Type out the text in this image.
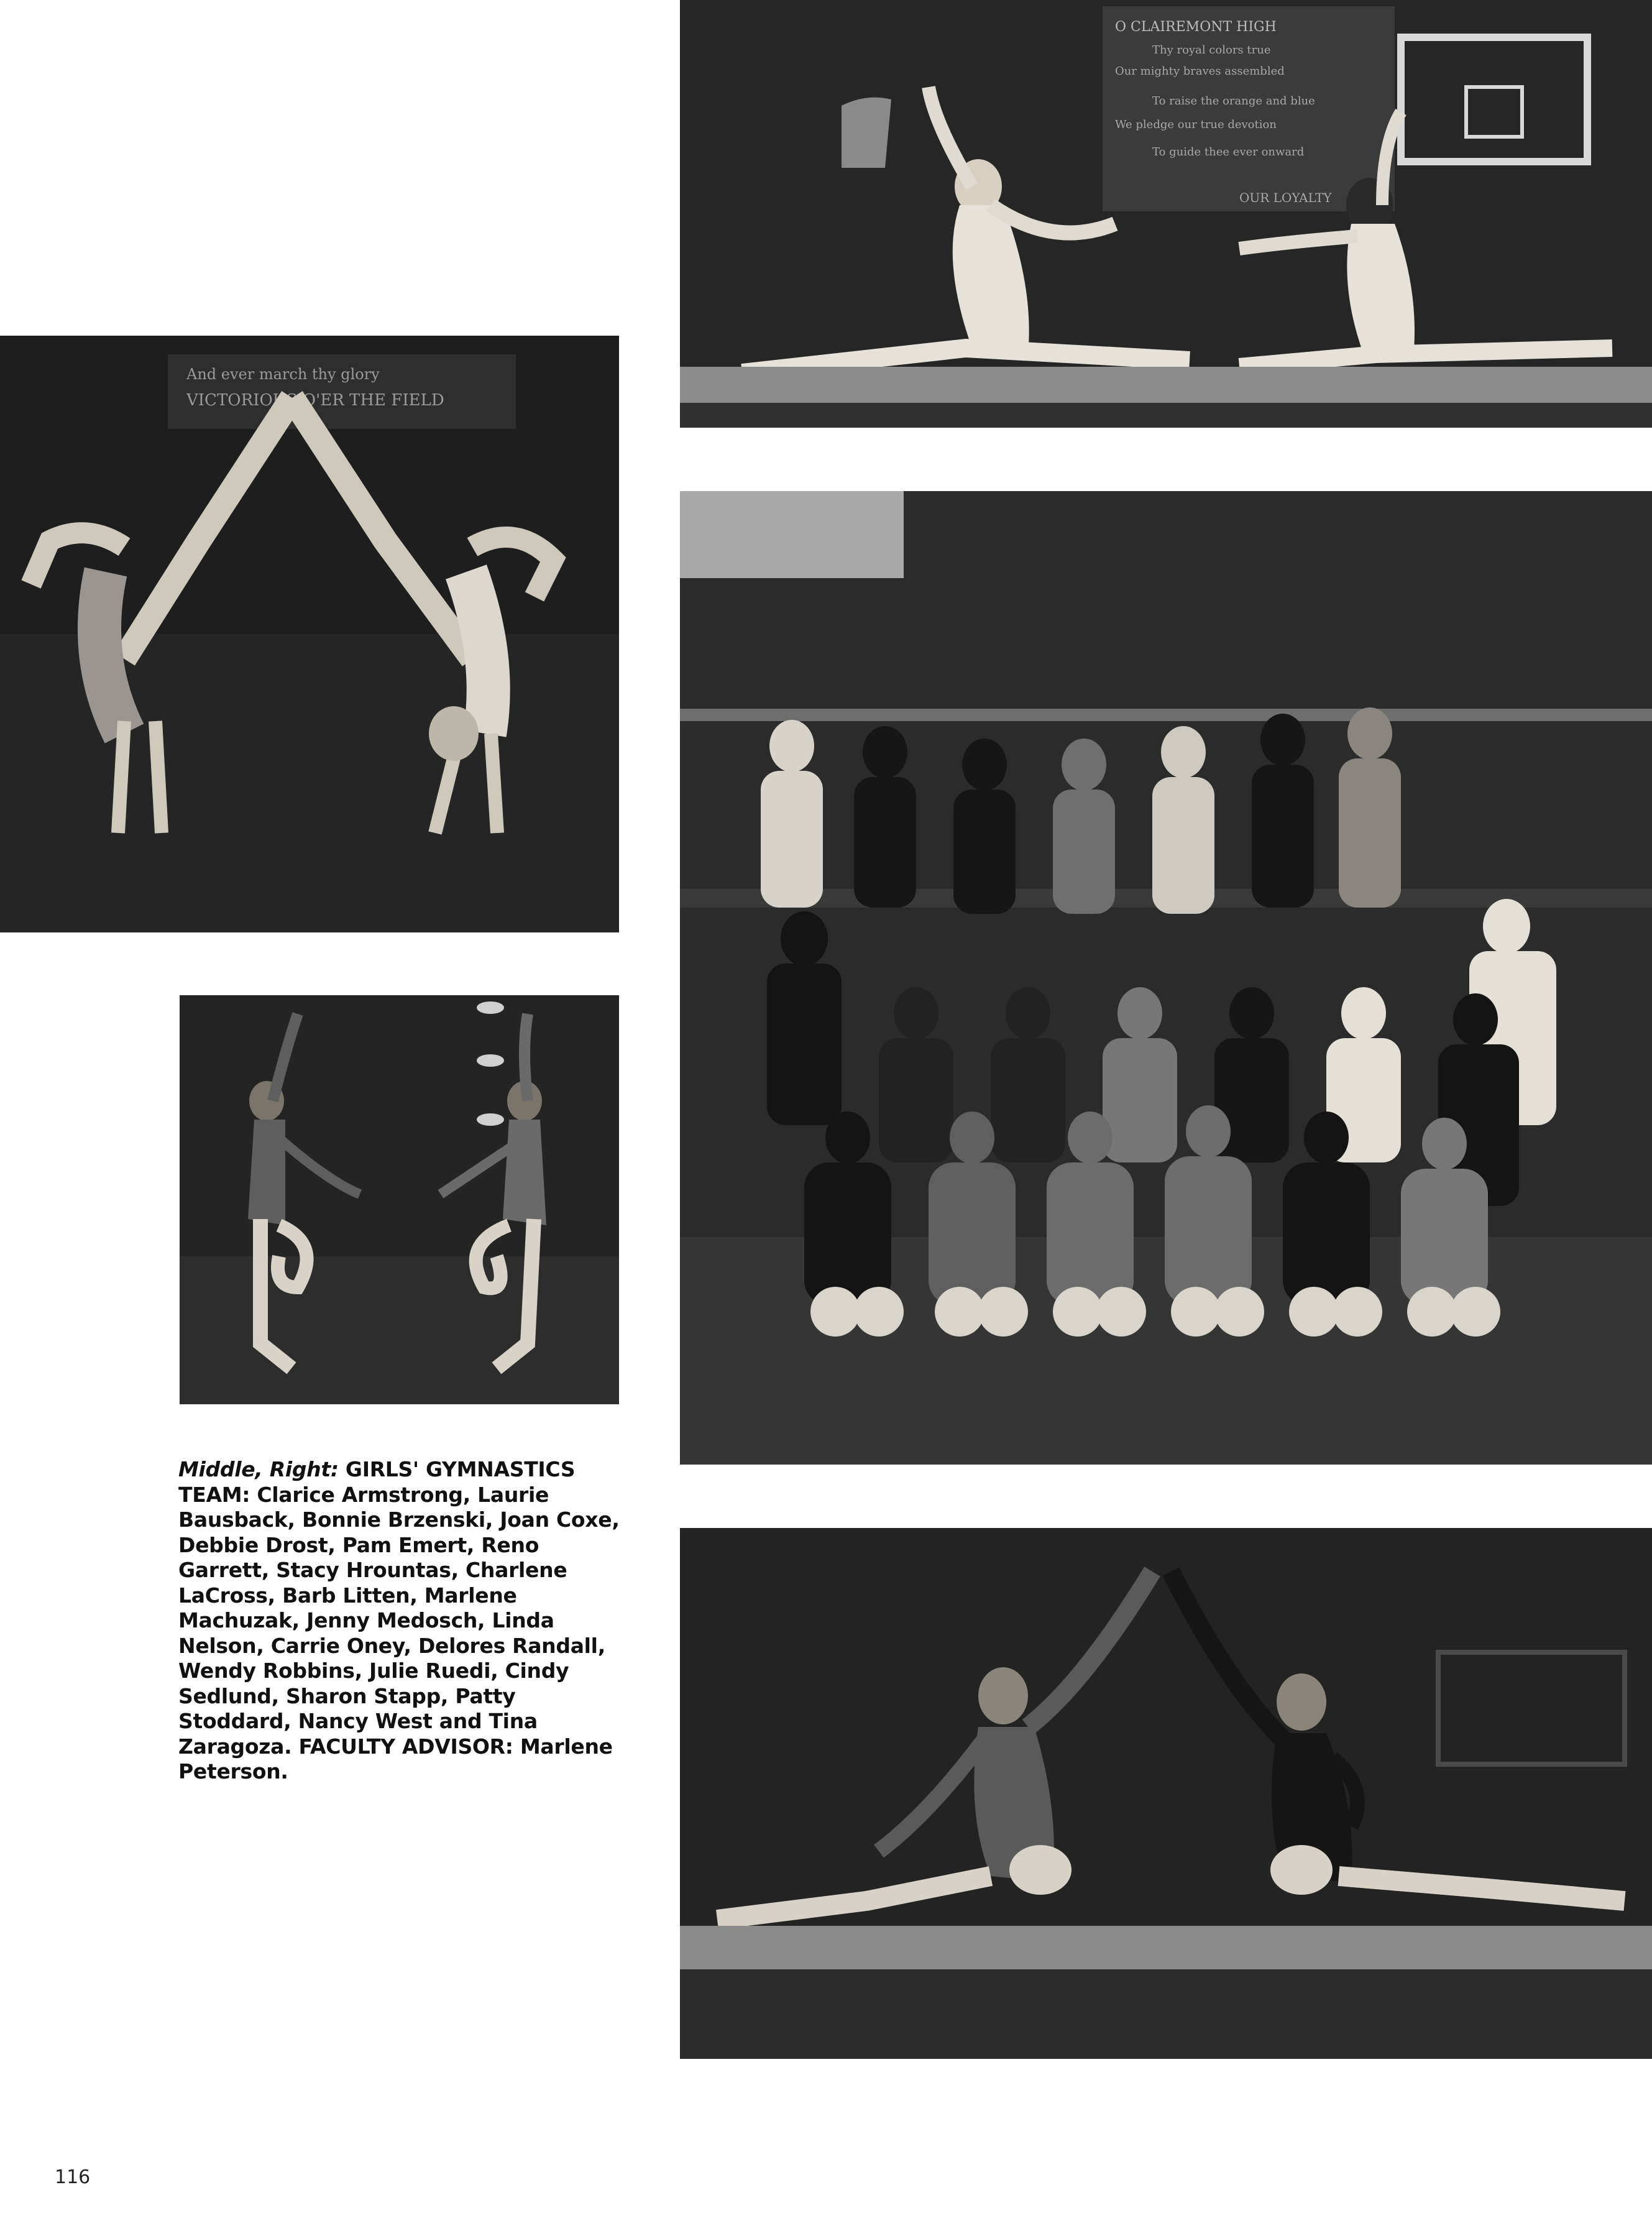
O CLAIREMONT HIGH
Thy royal colors true
Our mighty braves assembled
To raise the orange and blue
We pledge our true devotion
To guide thee ever onward
OUR LOYALTY
And ever march thy glory
VICTORIOUS O'ER THE FIELD
Middle, Right: GIRLS' GYMNASTICS TEAM: Clarice Armstrong, Laurie Bausback, Bonnie Brzenski, Joan Coxe, Debbie Drost, Pam Emert, Reno Garrett, Stacy Hrountas, Charlene LaCross, Barb Litten, Marlene Machuzak, Jenny Medosch, Linda Nelson, Carrie Oney, Delores Randall, Wendy Robbins, Julie Ruedi, Cindy Sedlund, Sharon Stapp, Patty Stoddard, Nancy West and Tina Zaragoza. FACULTY ADVISOR: Marlene Peterson.
116
